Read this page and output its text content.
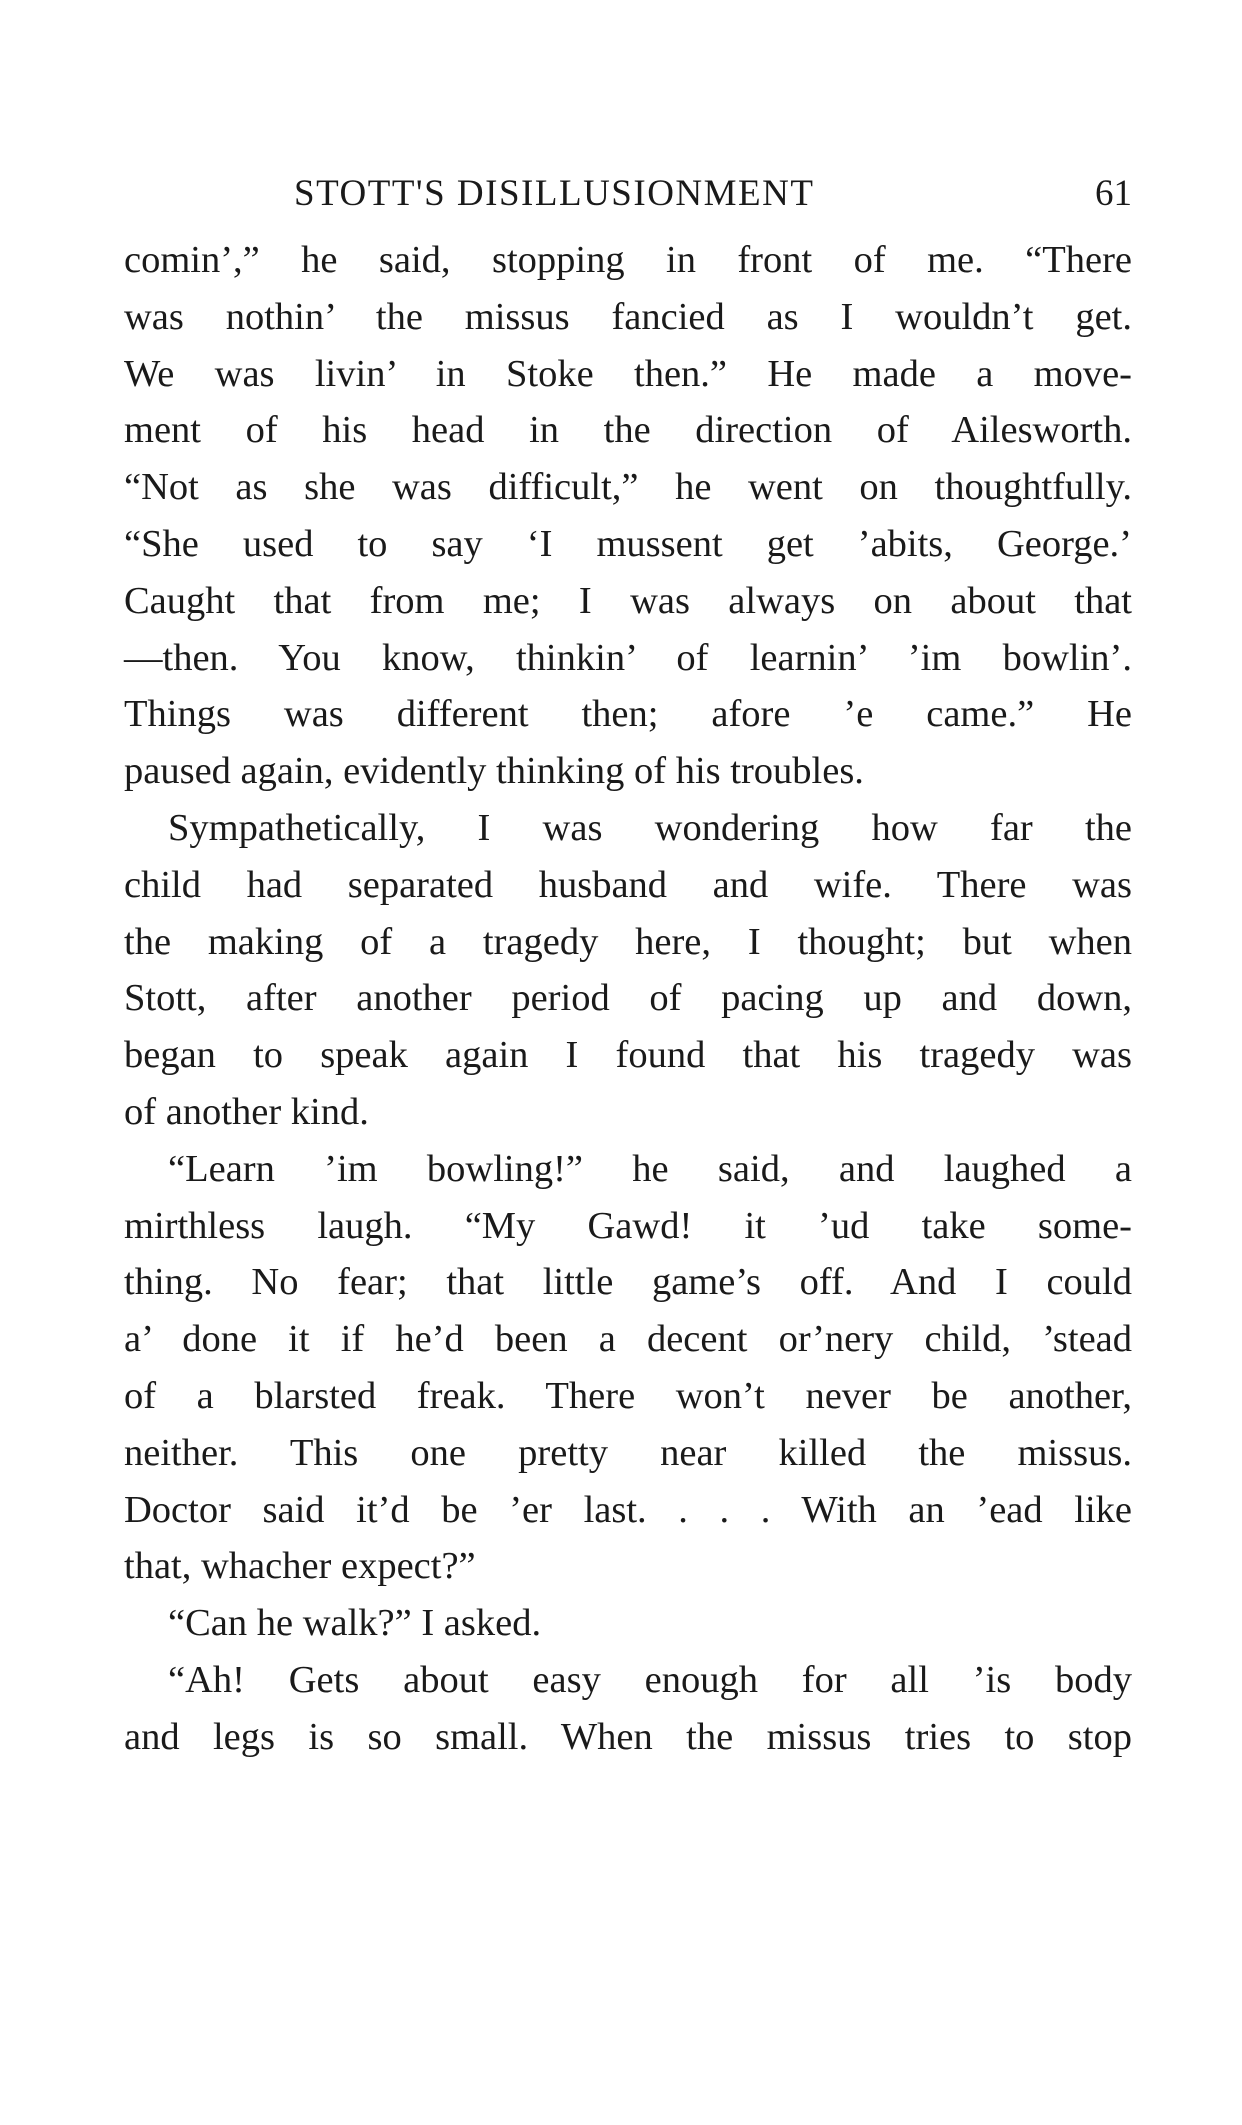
STOTT'S DISILLUSIONMENT	61

comin’,” he said, stopping in front of me. “There
was nothin’ the missus fancied as I wouldn’t get.
We was livin’ in Stoke then.” He made a move-
ment of his head in the direction of Ailesworth.
“Not as she was difficult,” he went on thoughtfully.
“She used to say ‘I mussent get ’abits, George.’
Caught that from me; I was always on about that
—then. You know, thinkin’ of learnin’ ’im bowlin’.
Things was different then; afore ’e came.” He
paused again, evidently thinking of his troubles.

Sympathetically, I was wondering how far the
child had separated husband and wife. There was
the making of a tragedy here, I thought; but when
Stott, after another period of pacing up and down,
began to speak again I found that his tragedy was
of another kind.

“Learn ’im bowling!” he said, and laughed a
mirthless laugh. “My Gawd! it ’ud take some-
thing. No fear; that little game’s off. And I could
a’ done it if he’d been a decent or’nery child, ’stead
of a blarsted freak. There won’t never be another,
neither. This one pretty near killed the missus.
Doctor said it’d be ’er last. . . . With an ’ead like
that, whacher expect?”

“Can he walk?” I asked.

“Ah! Gets about easy enough for all ’is body
and legs is so small. When the missus tries to stop
